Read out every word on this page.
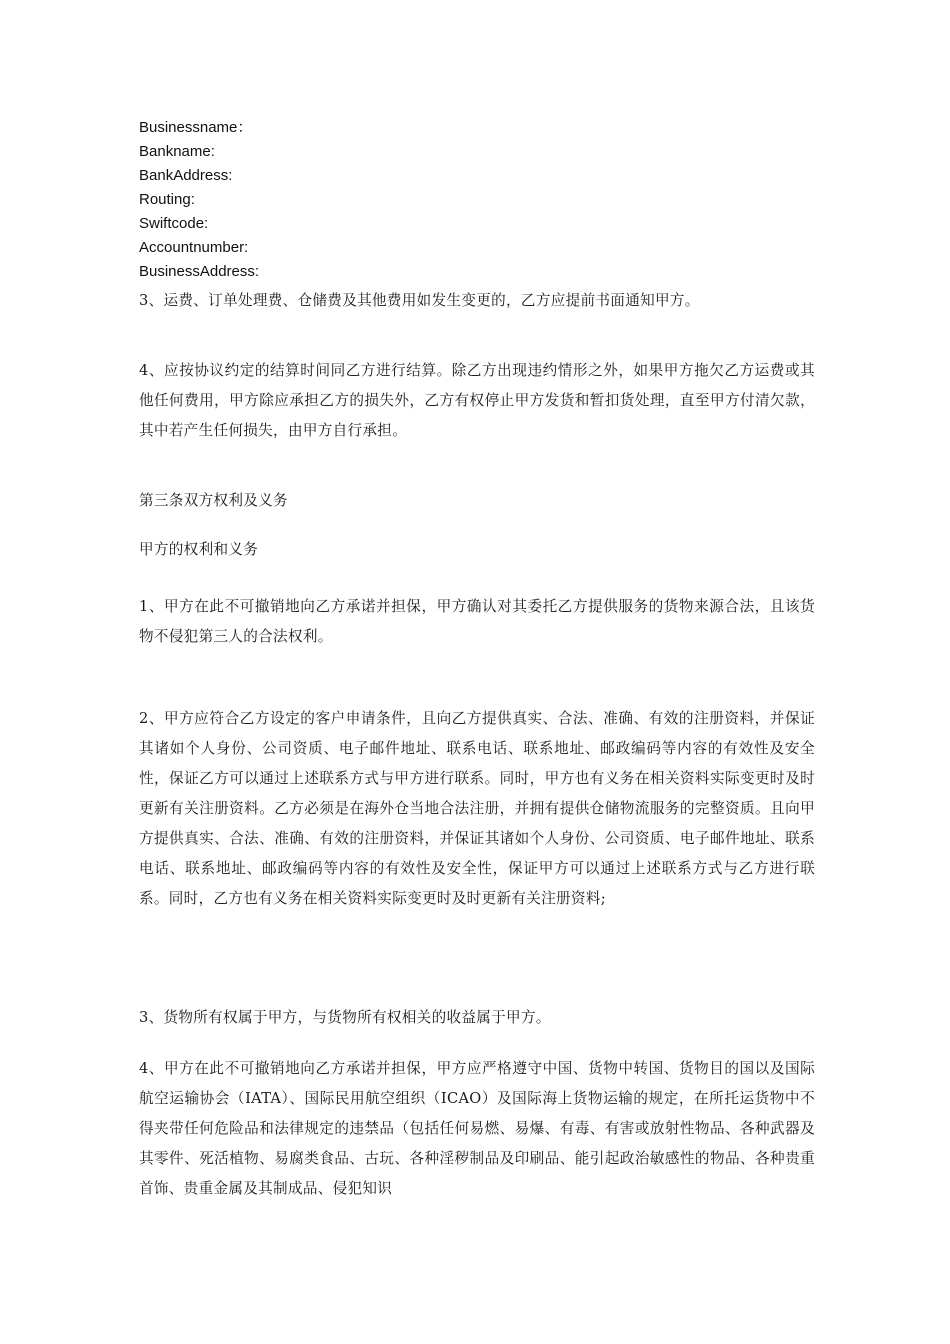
Businessname：
Bankname:
BankAddress:
Routing:
Swiftcode:
Accountnumber:
BusinessAddress:

3、运费、订单处理费、仓储费及其他费用如发生变更的，乙方应提前书面通知甲方。

4、应按协议约定的结算时间同乙方进行结算。除乙方出现违约情形之外，如果甲方拖欠乙方运费或其他任何费用，甲方除应承担乙方的损失外，乙方有权停止甲方发货和暂扣货处理，直至甲方付清欠款，其中若产生任何损失，由甲方自行承担。

第三条双方权利及义务

甲方的权利和义务

1、甲方在此不可撤销地向乙方承诺并担保，甲方确认对其委托乙方提供服务的货物来源合法，且该货物不侵犯第三人的合法权利。

2、甲方应符合乙方设定的客户申请条件，且向乙方提供真实、合法、准确、有效的注册资料，并保证其诸如个人身份、公司资质、电子邮件地址、联系电话、联系地址、邮政编码等内容的有效性及安全性，保证乙方可以通过上述联系方式与甲方进行联系。同时，甲方也有义务在相关资料实际变更时及时更新有关注册资料。乙方必须是在海外仓当地合法注册，并拥有提供仓储物流服务的完整资质。且向甲方提供真实、合法、准确、有效的注册资料，并保证其诸如个人身份、公司资质、电子邮件地址、联系电话、联系地址、邮政编码等内容的有效性及安全性，保证甲方可以通过上述联系方式与乙方进行联系。同时，乙方也有义务在相关资料实际变更时及时更新有关注册资料;

3、货物所有权属于甲方，与货物所有权相关的收益属于甲方。

4、甲方在此不可撤销地向乙方承诺并担保，甲方应严格遵守中国、货物中转国、货物目的国以及国际航空运输协会（IATA）、国际民用航空组织（ICAO）及国际海上货物运输的规定，在所托运货物中不得夹带任何危险品和法律规定的违禁品（包括任何易燃、易爆、有毒、有害或放射性物品、各种武器及其零件、死活植物、易腐类食品、古玩、各种淫秽制品及印刷品、能引起政治敏感性的物品、各种贵重首饰、贵重金属及其制成品、侵犯知识
